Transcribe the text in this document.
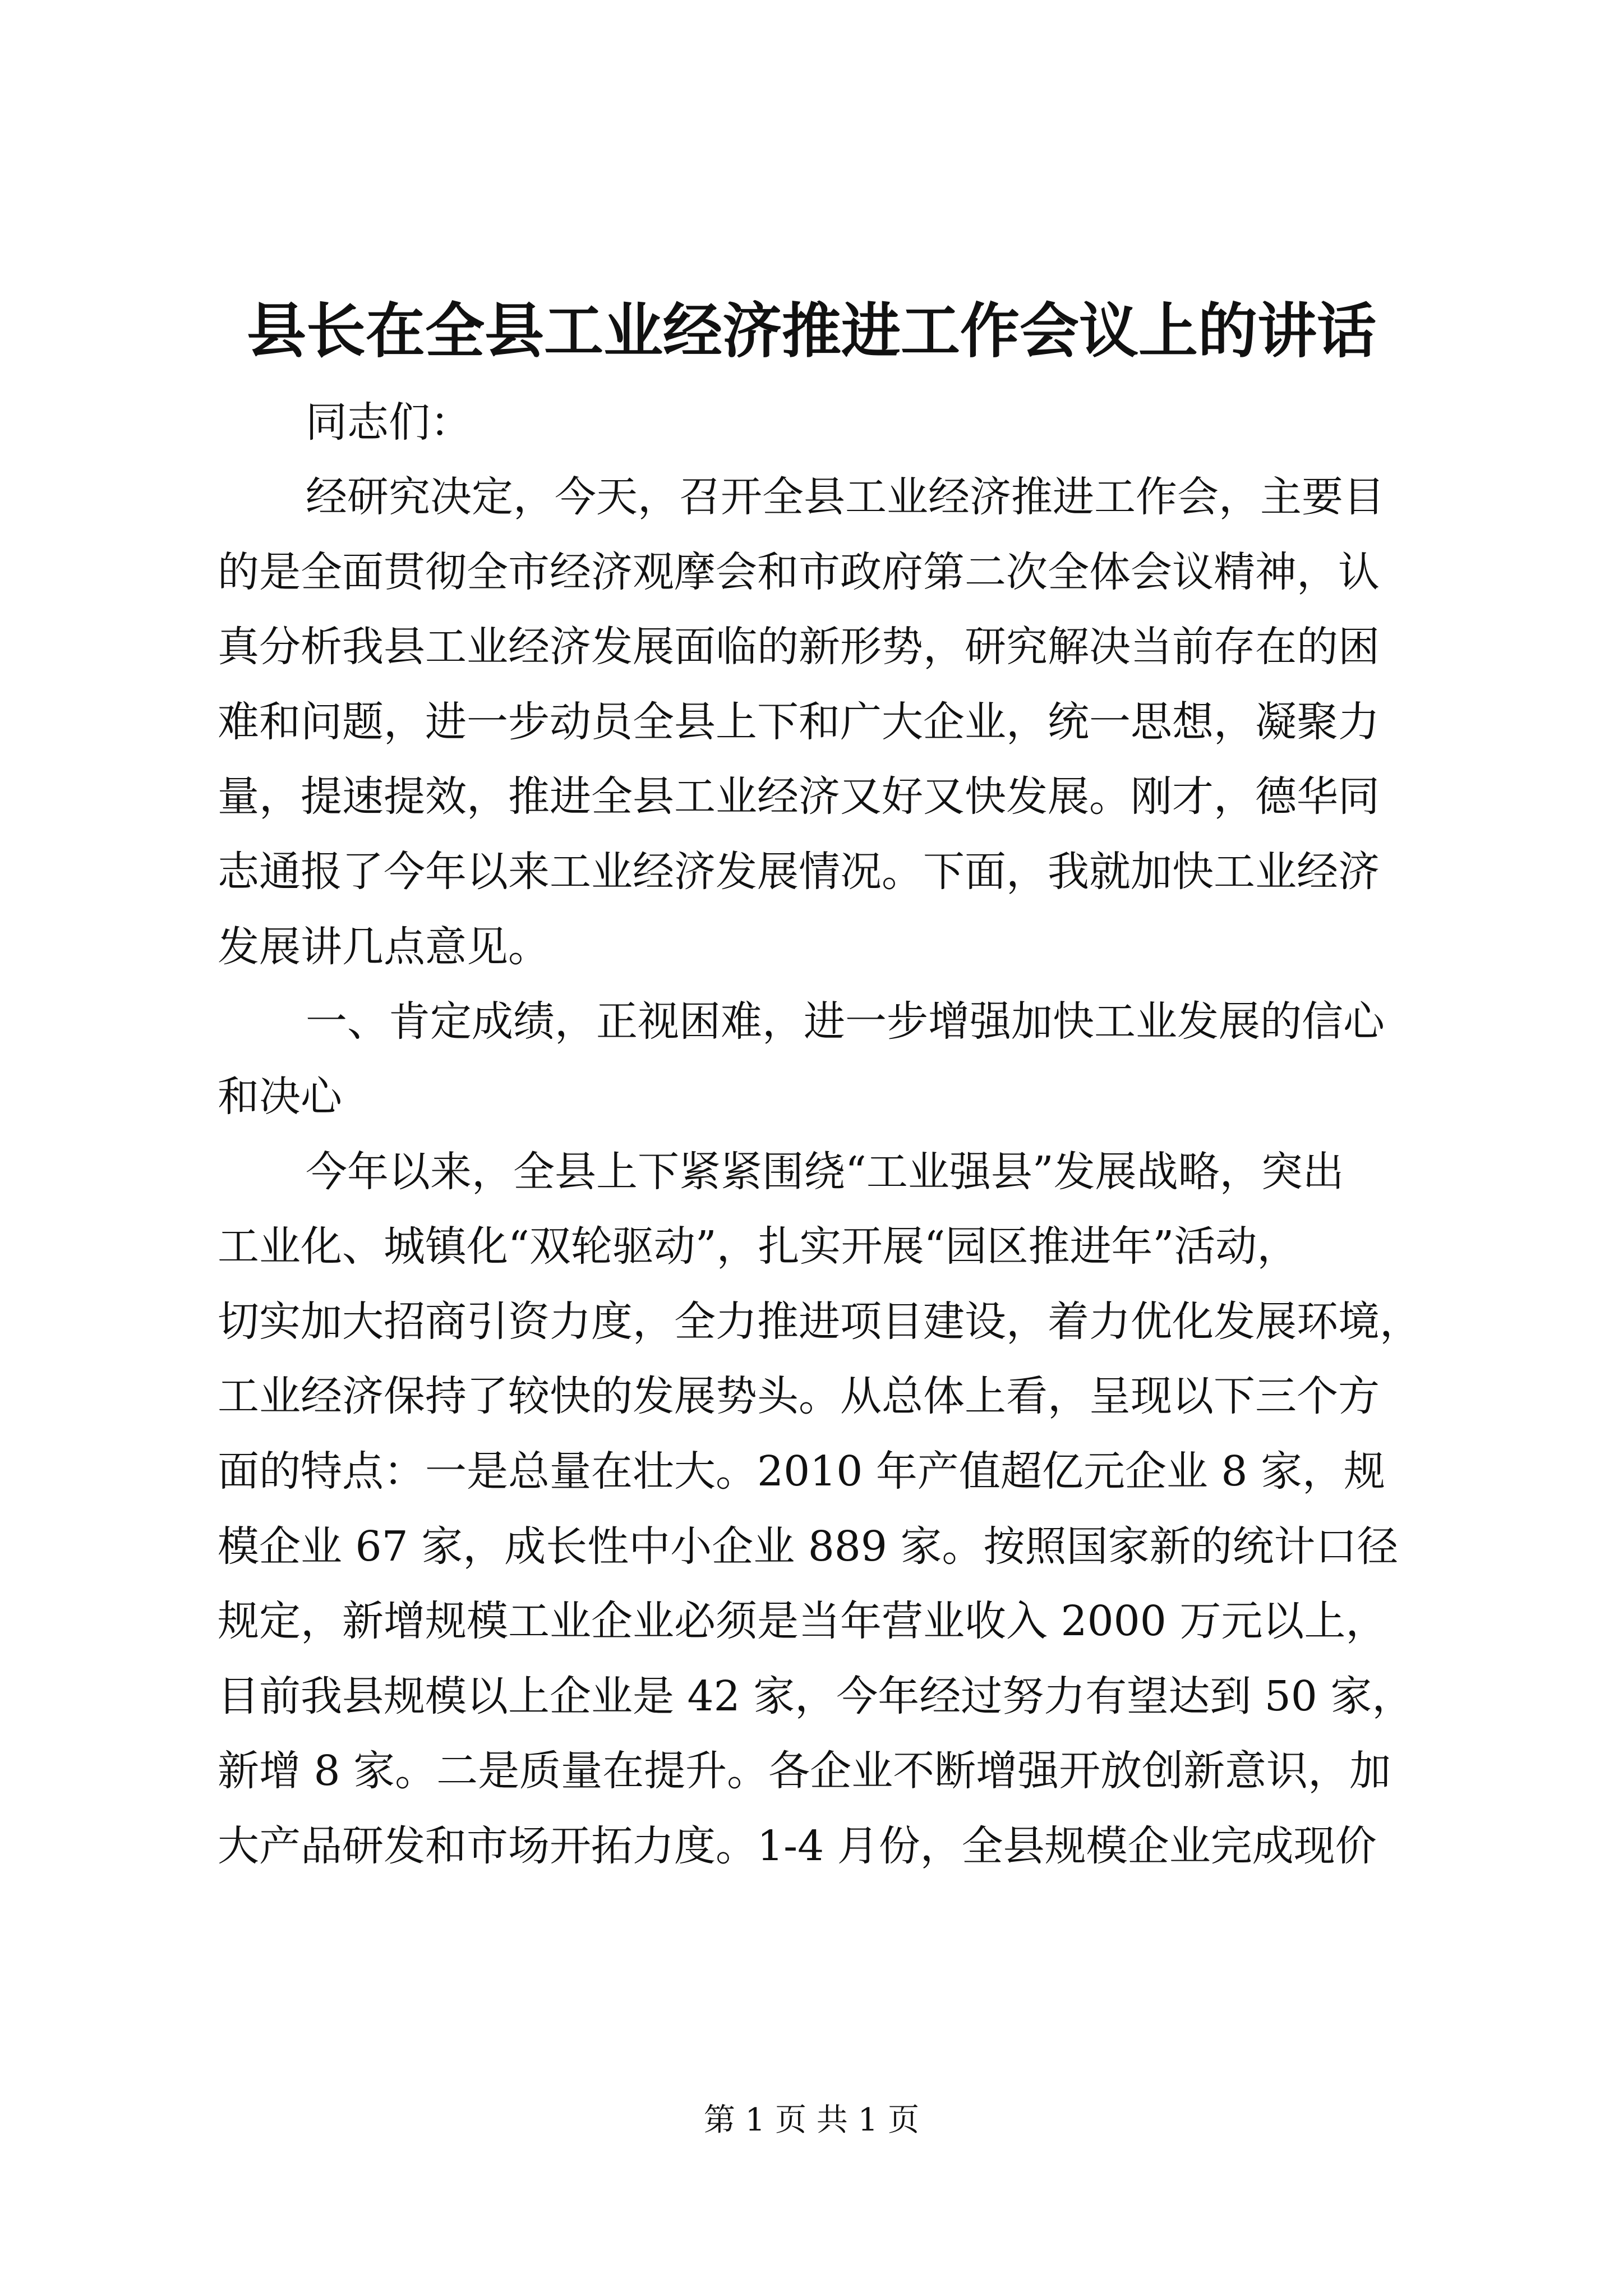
县长在全县工业经济推进工作会议上的讲话
同志们：
经研究决定，今天，召开全县工业经济推进工作会，主要目
的是全面贯彻全市经济观摩会和市政府第二次全体会议精神，认
真分析我县工业经济发展面临的新形势，研究解决当前存在的困
难和问题，进一步动员全县上下和广大企业，统一思想，凝聚力
量，提速提效，推进全县工业经济又好又快发展。刚才，德华同
志通报了今年以来工业经济发展情况。下面，我就加快工业经济
发展讲几点意见。
一、肯定成绩，正视困难，进一步增强加快工业发展的信心
和决心
今年以来，全县上下紧紧围绕“工业强县”发展战略，突出
工业化、城镇化“双轮驱动”，扎实开展“园区推进年”活动，
切实加大招商引资力度，全力推进项目建设，着力优化发展环境，
工业经济保持了较快的发展势头。从总体上看，呈现以下三个方
面的特点：一是总量在壮大。2010 年产值超亿元企业 8 家，规
模企业 67 家，成长性中小企业 889 家。按照国家新的统计口径
规定，新增规模工业企业必须是当年营业收入 2000 万元以上，
目前我县规模以上企业是 42 家，今年经过努力有望达到 50 家，
新增 8 家。二是质量在提升。各企业不断增强开放创新意识，加
大产品研发和市场开拓力度。1-4 月份，全县规模企业完成现价
第 1 页 共 1 页
